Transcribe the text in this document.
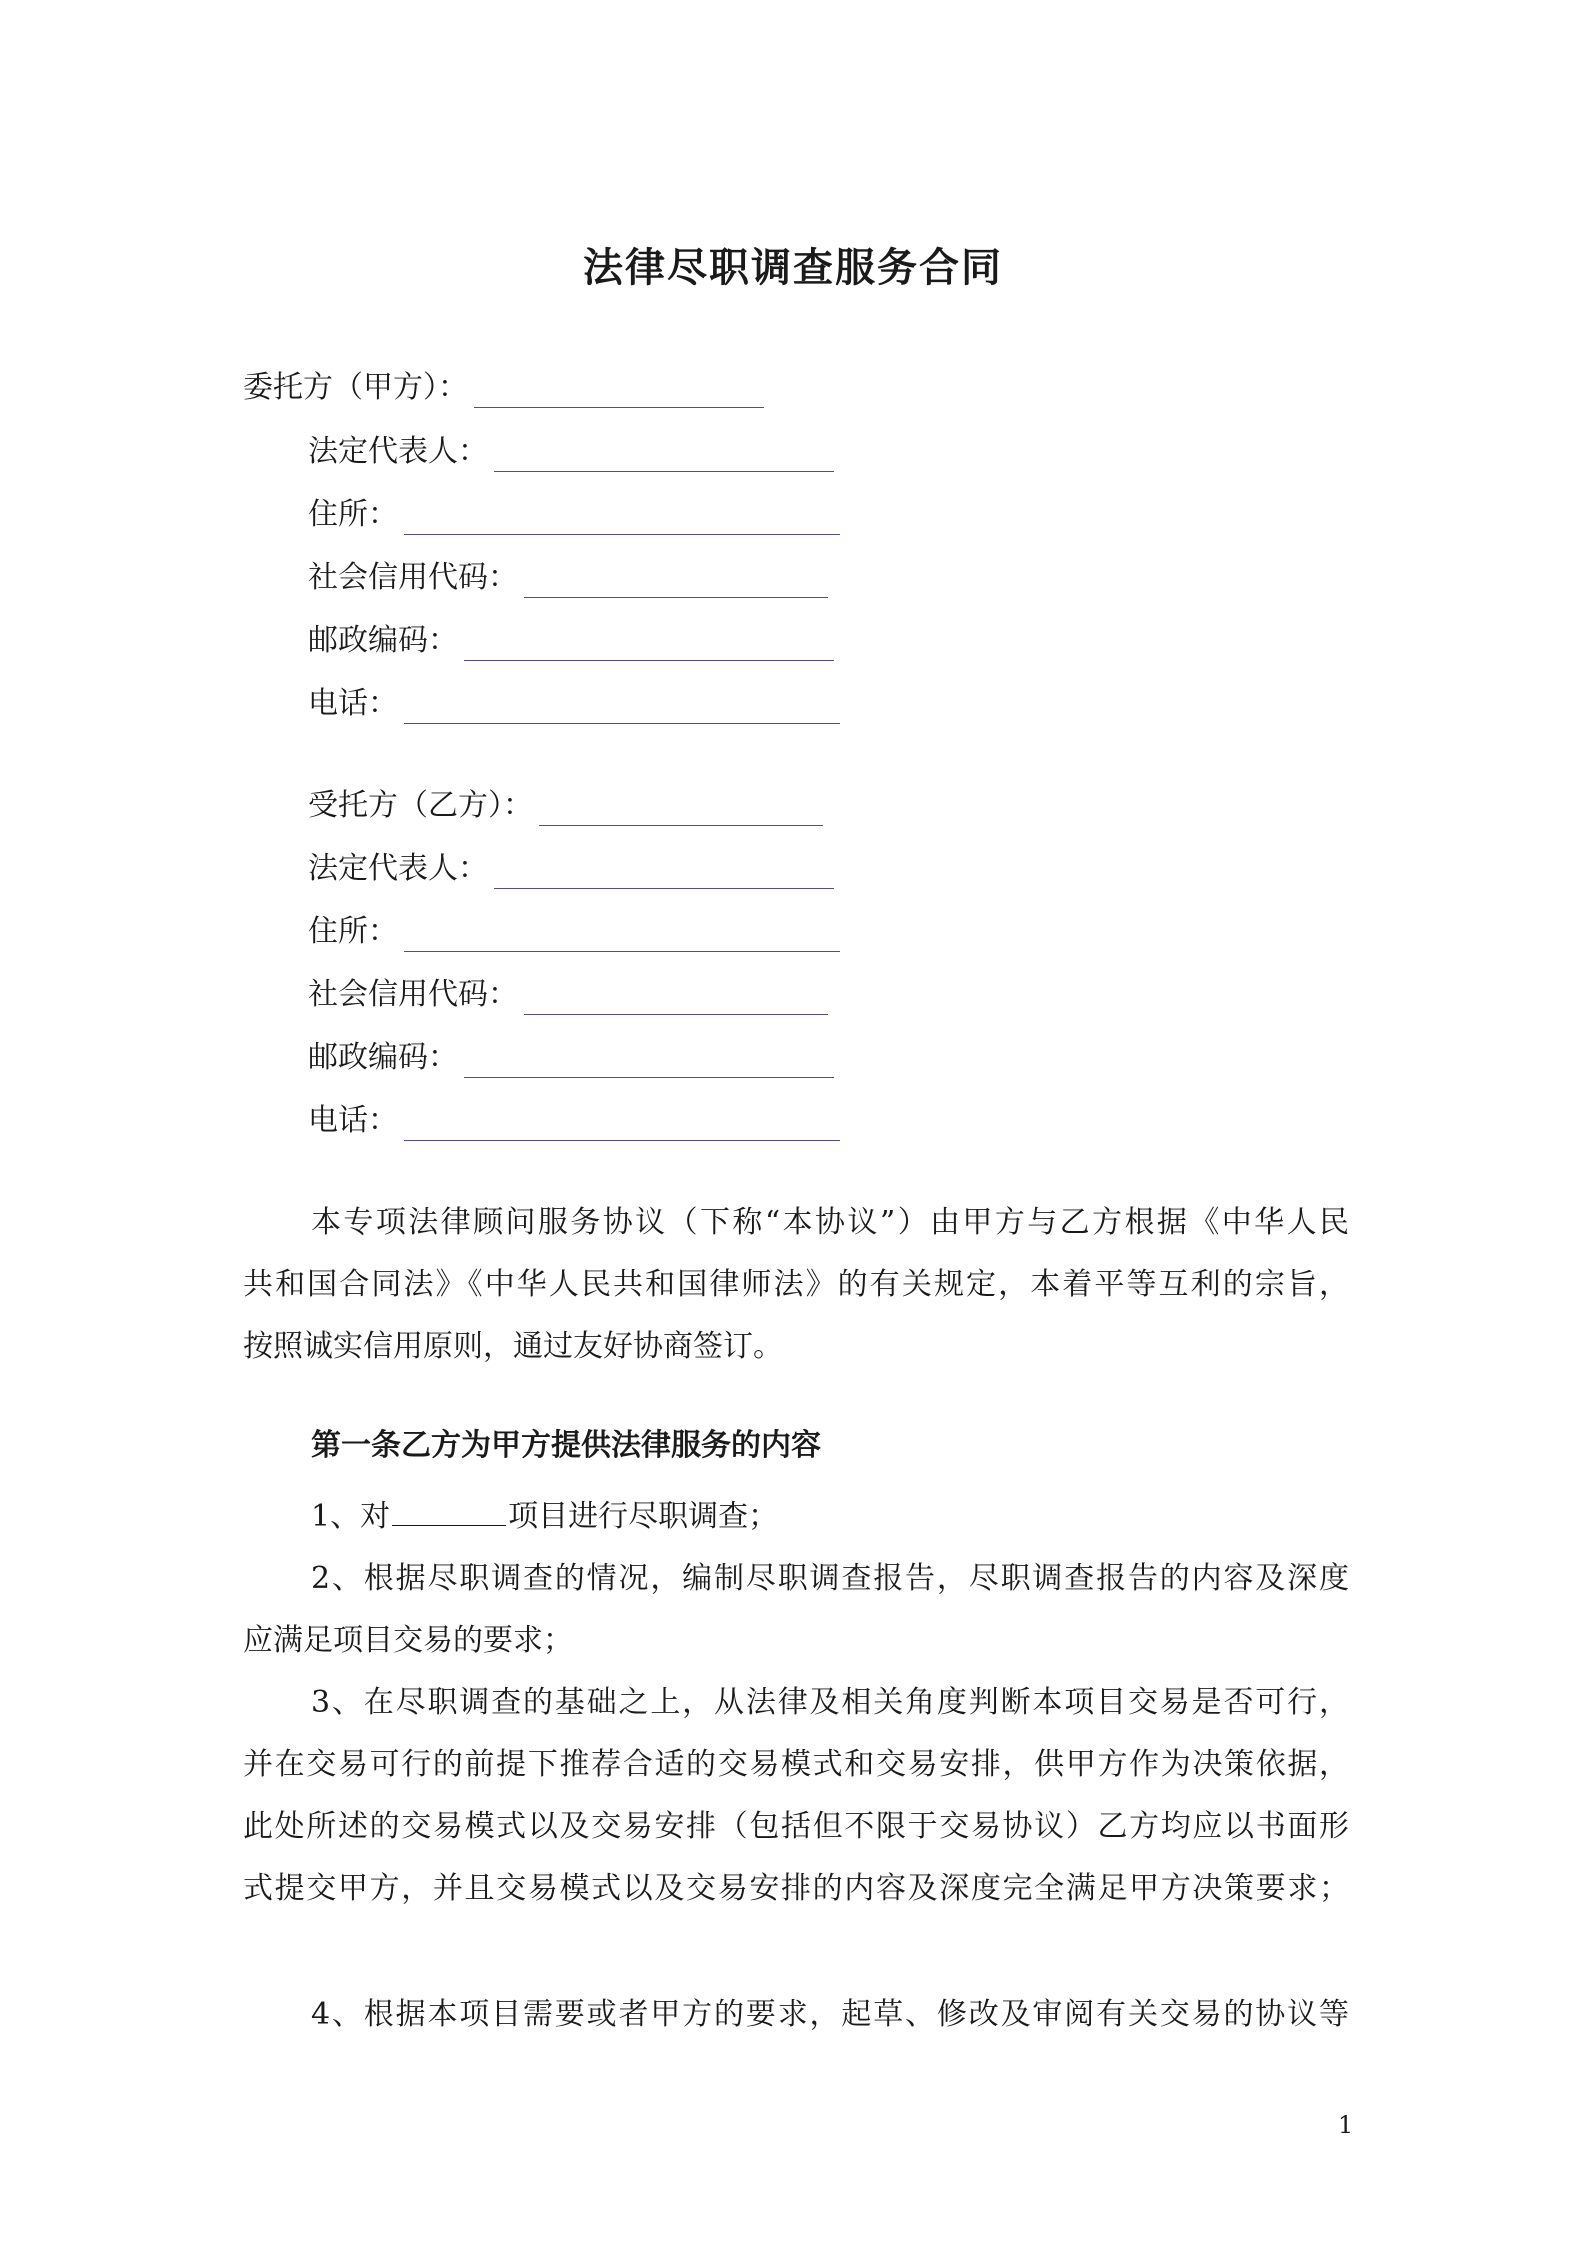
法律尽职调查服务合同
委托方（甲方）：
法定代表人：
住所：
社会信用代码：
邮政编码：
电话：
受托方（乙方）：
法定代表人：
住所：
社会信用代码：
邮政编码：
电话：
本专项法律顾问服务协议（下称“本协议”）由甲方与乙方根据《中华人民
共和国合同法》《中华人民共和国律师法》的有关规定，本着平等互利的宗旨，
按照诚实信用原则，通过友好协商签订。
第一条乙方为甲方提供法律服务的内容
1、对	项目进行尽职调查；
2、根据尽职调查的情况，编制尽职调查报告，尽职调查报告的内容及深度
应满足项目交易的要求；
3、在尽职调查的基础之上，从法律及相关角度判断本项目交易是否可行，
并在交易可行的前提下推荐合适的交易模式和交易安排，供甲方作为决策依据，
此处所述的交易模式以及交易安排（包括但不限于交易协议）乙方均应以书面形
式提交甲方，并且交易模式以及交易安排的内容及深度完全满足甲方决策要求；
4、根据本项目需要或者甲方的要求，起草、修改及审阅有关交易的协议等
1
